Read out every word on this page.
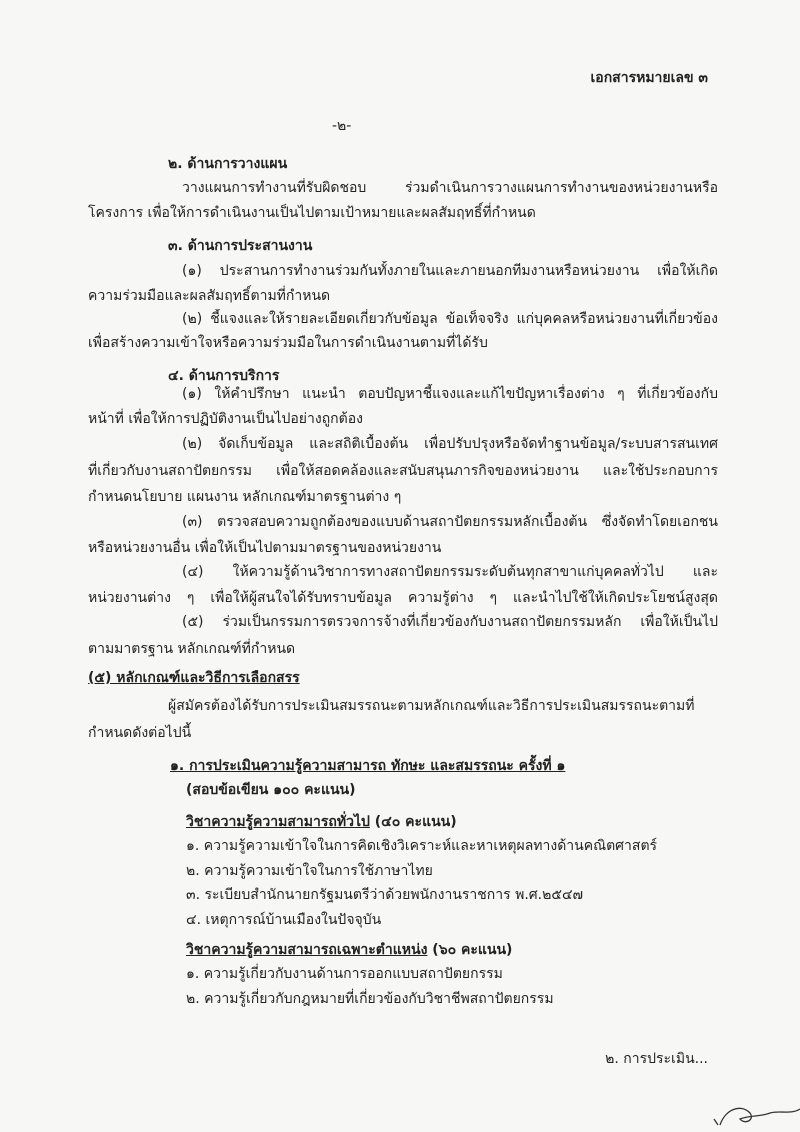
เอกสารหมายเลข ๓
-๒-
๒. ด้านการวางแผน
วางแผนการทำงานที่รับผิดชอบ ร่วมดำเนินการวางแผนการทำงานของหน่วยงานหรือ
โครงการ เพื่อให้การดำเนินงานเป็นไปตามเป้าหมายและผลสัมฤทธิ์ที่กำหนด
๓. ด้านการประสานงาน
(๑) ประสานการทำงานร่วมกันทั้งภายในและภายนอกทีมงานหรือหน่วยงาน เพื่อให้เกิด
ความร่วมมือและผลสัมฤทธิ์ตามที่กำหนด
(๒) ชี้แจงและให้รายละเอียดเกี่ยวกับข้อมูล ข้อเท็จจริง แก่บุคคลหรือหน่วยงานที่เกี่ยวข้อง
เพื่อสร้างความเข้าใจหรือความร่วมมือในการดำเนินงานตามที่ได้รับ
๔. ด้านการบริการ
(๑) ให้คำปรึกษา แนะนำ ตอบปัญหาชี้แจงและแก้ไขปัญหาเรื่องต่าง ๆ ที่เกี่ยวข้องกับ
หน้าที่ เพื่อให้การปฏิบัติงานเป็นไปอย่างถูกต้อง
(๒) จัดเก็บข้อมูล และสถิติเบื้องต้น เพื่อปรับปรุงหรือจัดทำฐานข้อมูล/ระบบสารสนเทศ
ที่เกี่ยวกับงานสถาปัตยกรรม เพื่อให้สอดคล้องและสนับสนุนภารกิจของหน่วยงาน และใช้ประกอบการ
กำหนดนโยบาย แผนงาน หลักเกณฑ์มาตรฐานต่าง ๆ
(๓) ตรวจสอบความถูกต้องของแบบด้านสถาปัตยกรรมหลักเบื้องต้น ซึ่งจัดทำโดยเอกชน
หรือหน่วยงานอื่น เพื่อให้เป็นไปตามมาตรฐานของหน่วยงาน
(๔) ให้ความรู้ด้านวิชาการทางสถาปัตยกรรมระดับต้นทุกสาขาแก่บุคคลทั่วไป และ
หน่วยงานต่าง ๆ เพื่อให้ผู้สนใจได้รับทราบข้อมูล ความรู้ต่าง ๆ และนำไปใช้ให้เกิดประโยชน์สูงสุด
(๕) ร่วมเป็นกรรมการตรวจการจ้างที่เกี่ยวข้องกับงานสถาปัตยกรรมหลัก เพื่อให้เป็นไป
ตามมาตรฐาน หลักเกณฑ์ที่กำหนด
(๕) หลักเกณฑ์และวิธีการเลือกสรร
ผู้สมัครต้องได้รับการประเมินสมรรถนะตามหลักเกณฑ์และวิธีการประเมินสมรรถนะตามที่
กำหนดดังต่อไปนี้
๑. การประเมินความรู้ความสามารถ ทักษะ และสมรรถนะ ครั้งที่ ๑
(สอบข้อเขียน ๑๐๐ คะแนน)
วิชาความรู้ความสามารถทั่วไป (๔๐ คะแนน)
๑. ความรู้ความเข้าใจในการคิดเชิงวิเคราะห์และหาเหตุผลทางด้านคณิตศาสตร์
๒. ความรู้ความเข้าใจในการใช้ภาษาไทย
๓. ระเบียบสำนักนายกรัฐมนตรีว่าด้วยพนักงานราชการ พ.ศ.๒๕๔๗
๔. เหตุการณ์บ้านเมืองในปัจจุบัน
วิชาความรู้ความสามารถเฉพาะตำแหน่ง (๖๐ คะแนน)
๑. ความรู้เกี่ยวกับงานด้านการออกแบบสถาปัตยกรรม
๒. ความรู้เกี่ยวกับกฎหมายที่เกี่ยวข้องกับวิชาชีพสถาปัตยกรรม
๒. การประเมิน...
